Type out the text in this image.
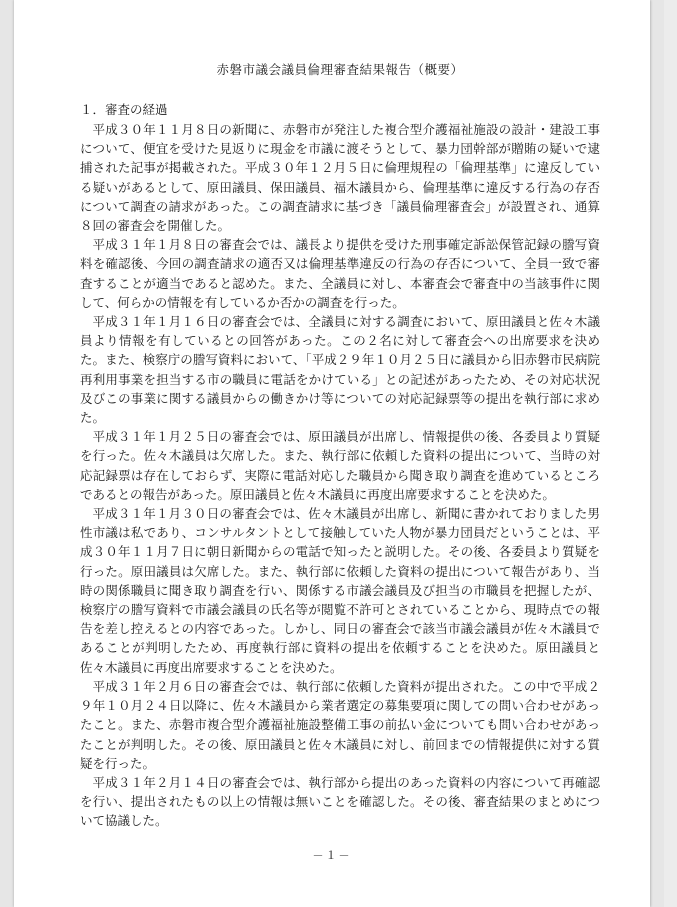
赤磐市議会議員倫理審査結果報告（概要）
１．審査の経過

平成３０年１１月８日の新聞に、赤磐市が発注した複合型介護福祉施設の設計・建設工事について、便宜を受けた見返りに現金を市議に渡そうとして、暴力団幹部が贈賄の疑いで逮捕された記事が掲載された。平成３０年１２月５日に倫理規程の「倫理基準」に違反している疑いがあるとして、原田議員、保田議員、福木議員から、倫理基準に違反する行為の存否について調査の請求があった。この調査請求に基づき「議員倫理審査会」が設置され、通算８回の審査会を開催した。

平成３１年１月８日の審査会では、議長より提供を受けた刑事確定訴訟保管記録の謄写資料を確認後、今回の調査請求の適否又は倫理基準違反の行為の存否について、全員一致で審査することが適当であると認めた。また、全議員に対し、本審査会で審査中の当該事件に関して、何らかの情報を有しているか否かの調査を行った。

平成３１年１月１６日の審査会では、全議員に対する調査において、原田議員と佐々木議員より情報を有しているとの回答があった。この２名に対して審査会への出席要求を決めた。また、検察庁の謄写資料において、「平成２９年１０月２５日に議員から旧赤磐市民病院再利用事業を担当する市の職員に電話をかけている」との記述があったため、その対応状況及びこの事業に関する議員からの働きかけ等についての対応記録票等の提出を執行部に求めた。

平成３１年１月２５日の審査会では、原田議員が出席し、情報提供の後、各委員より質疑を行った。佐々木議員は欠席した。また、執行部に依頼した資料の提出について、当時の対応記録票は存在しておらず、実際に電話対応した職員から聞き取り調査を進めているところであるとの報告があった。原田議員と佐々木議員に再度出席要求することを決めた。

平成３１年１月３０日の審査会では、佐々木議員が出席し、新聞に書かれておりました男性市議は私であり、コンサルタントとして接触していた人物が暴力団員だということは、平成３０年１１月７日に朝日新聞からの電話で知ったと説明した。その後、各委員より質疑を行った。原田議員は欠席した。また、執行部に依頼した資料の提出について報告があり、当時の関係職員に聞き取り調査を行い、関係する市議会議員及び担当の市職員を把握したが、検察庁の謄写資料で市議会議員の氏名等が閲覧不許可とされていることから、現時点での報告を差し控えるとの内容であった。しかし、同日の審査会で該当市議会議員が佐々木議員であることが判明したため、再度執行部に資料の提出を依頼することを決めた。原田議員と佐々木議員に再度出席要求することを決めた。

平成３１年２月６日の審査会では、執行部に依頼した資料が提出された。この中で平成２９年１０月２４日以降に、佐々木議員から業者選定の募集要項に関しての問い合わせがあったこと。また、赤磐市複合型介護福祉施設整備工事の前払い金についても問い合わせがあったことが判明した。その後、原田議員と佐々木議員に対し、前回までの情報提供に対する質疑を行った。

平成３１年２月１４日の審査会では、執行部から提出のあった資料の内容について再確認を行い、提出されたもの以上の情報は無いことを確認した。その後、審査結果のまとめについて協議した。

－１－
